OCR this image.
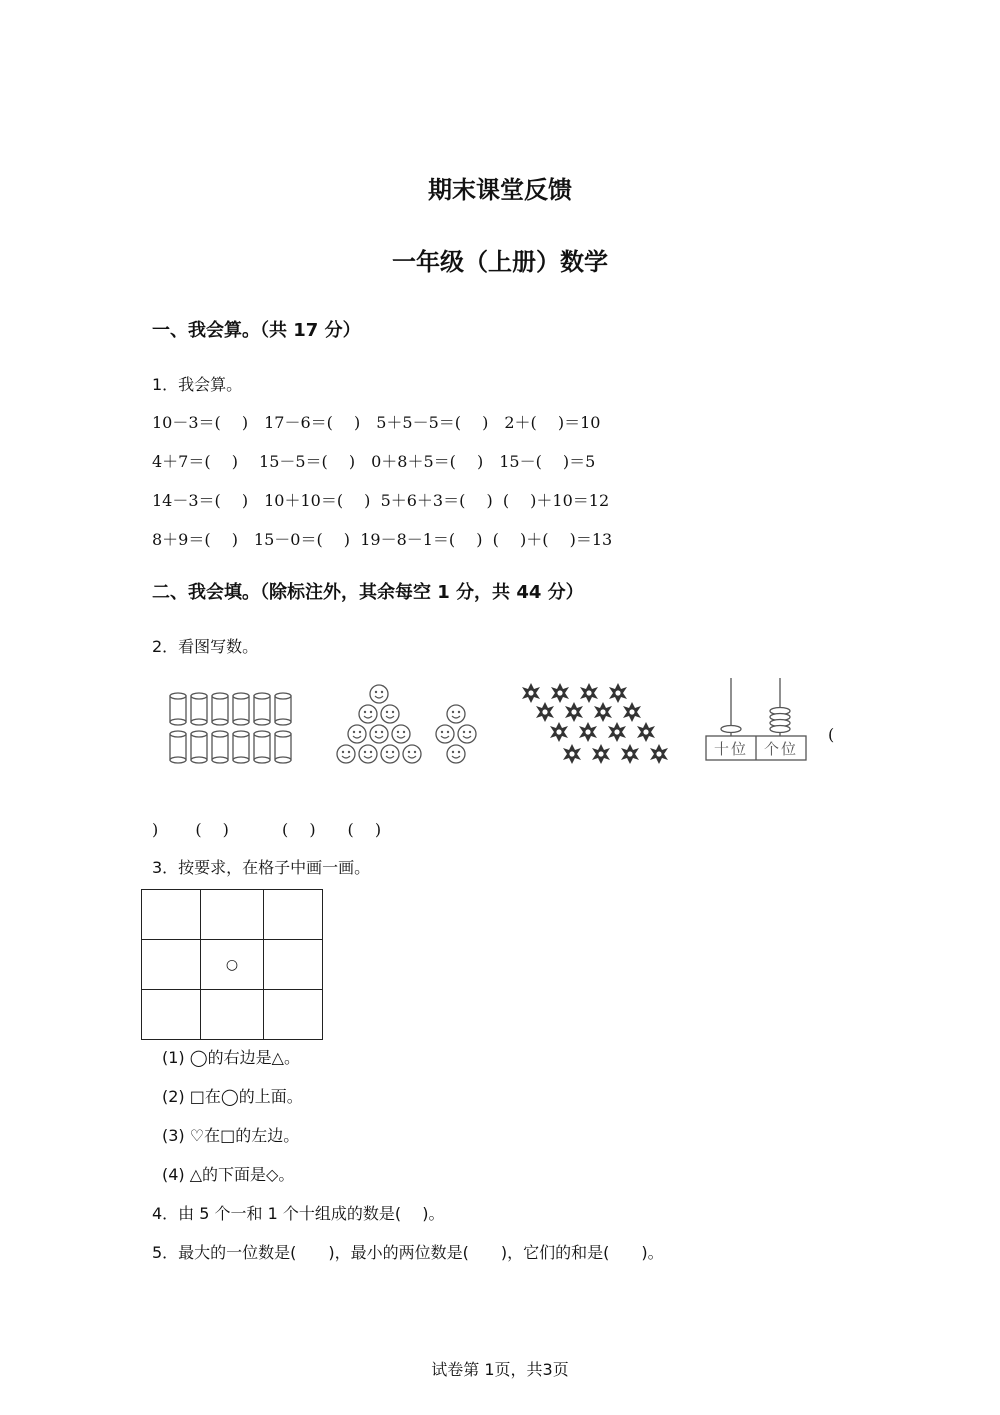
期末课堂反馈
一年级（上册）数学
一、我会算。（共 17 分）
1．我会算。
10－3＝(　 )　17－6＝(　 )　5＋5－5＝(　 )　2＋(　 )＝10
4＋7＝(　 )　 15－5＝(　 )　0＋8＋5＝(　 )　15－(　 )＝5
14－3＝(　 )　10＋10＝(　 )  5＋6＋3＝(　 )  (　 )＋10＝12
8＋9＝(　 )　15－0＝(　 )  19－8－1＝(　 )  (　 )＋(　 )＝13
二、我会填。（除标注外，其余每空 1 分，共 44 分）
2．看图写数。
十位	个位
(
)　　 (　 )　　　 (　 )　　(　 )
3．按要求，在格子中画一画。

	○	

(1) ◯的右边是△。
(2) □在◯的上面。
(3) ♡在□的左边。
(4) △的下面是◇。
4．由 5 个一和 1 个十组成的数是(　 )。
5．最大的一位数是(　　)，最小的两位数是(　　)，它们的和是(　　)。
试卷第 1页，共3页
